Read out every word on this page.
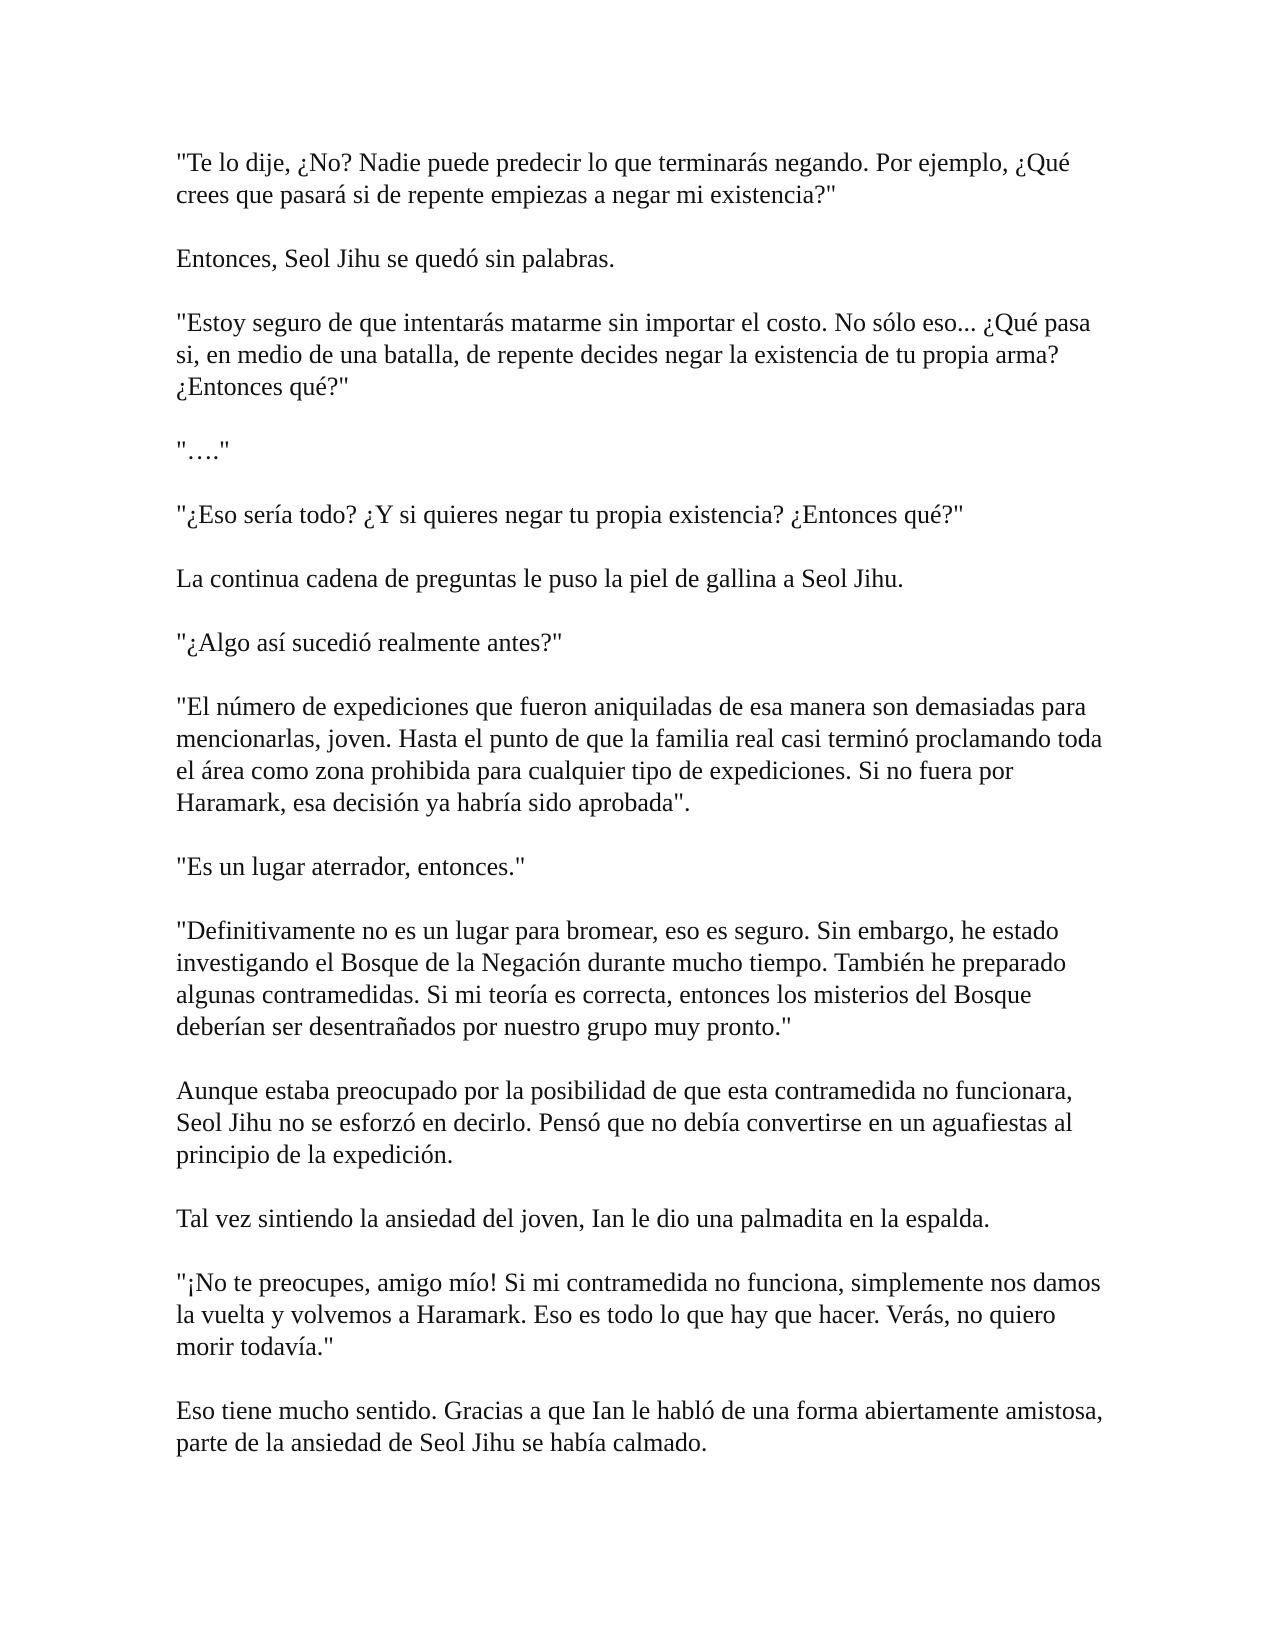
"Te lo dije, ¿No? Nadie puede predecir lo que terminarás negando. Por ejemplo, ¿Qué crees que pasará si de repente empiezas a negar mi existencia?"

Entonces, Seol Jihu se quedó sin palabras.

"Estoy seguro de que intentarás matarme sin importar el costo. No sólo eso... ¿Qué pasa si, en medio de una batalla, de repente decides negar la existencia de tu propia arma? ¿Entonces qué?"

"…."

"¿Eso sería todo? ¿Y si quieres negar tu propia existencia? ¿Entonces qué?"

La continua cadena de preguntas le puso la piel de gallina a Seol Jihu.

"¿Algo así sucedió realmente antes?"

"El número de expediciones que fueron aniquiladas de esa manera son demasiadas para mencionarlas, joven. Hasta el punto de que la familia real casi terminó proclamando toda el área como zona prohibida para cualquier tipo de expediciones. Si no fuera por Haramark, esa decisión ya habría sido aprobada".

"Es un lugar aterrador, entonces."

"Definitivamente no es un lugar para bromear, eso es seguro. Sin embargo, he estado investigando el Bosque de la Negación durante mucho tiempo. También he preparado algunas contramedidas. Si mi teoría es correcta, entonces los misterios del Bosque deberían ser desentrañados por nuestro grupo muy pronto."

Aunque estaba preocupado por la posibilidad de que esta contramedida no funcionara, Seol Jihu no se esforzó en decirlo. Pensó que no debía convertirse en un aguafiestas al principio de la expedición.

Tal vez sintiendo la ansiedad del joven, Ian le dio una palmadita en la espalda.

"¡No te preocupes, amigo mío! Si mi contramedida no funciona, simplemente nos damos la vuelta y volvemos a Haramark. Eso es todo lo que hay que hacer. Verás, no quiero morir todavía."

Eso tiene mucho sentido. Gracias a que Ian le habló de una forma abiertamente amistosa, parte de la ansiedad de Seol Jihu se había calmado.
